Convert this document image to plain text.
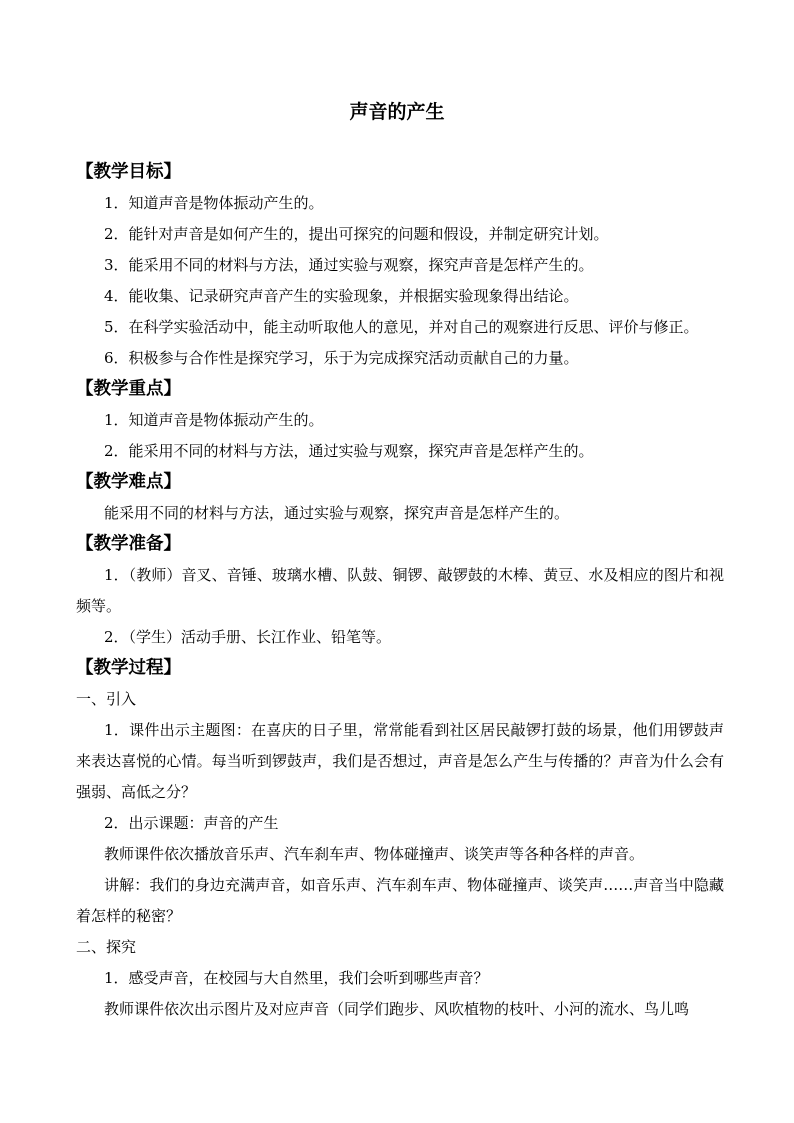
声音的产生
【教学目标】

1．知道声音是物体振动产生的。

2．能针对声音是如何产生的，提出可探究的问题和假设，并制定研究计划。

3．能采用不同的材料与方法，通过实验与观察，探究声音是怎样产生的。

4．能收集、记录研究声音产生的实验现象，并根据实验现象得出结论。

5．在科学实验活动中，能主动听取他人的意见，并对自己的观察进行反思、评价与修正。

6．积极参与合作性是探究学习，乐于为完成探究活动贡献自己的力量。

【教学重点】

1．知道声音是物体振动产生的。

2．能采用不同的材料与方法，通过实验与观察，探究声音是怎样产生的。

【教学难点】

能采用不同的材料与方法，通过实验与观察，探究声音是怎样产生的。

【教学准备】

1．（教师）音叉、音锤、玻璃水槽、队鼓、铜锣、敲锣鼓的木棒、黄豆、水及相应的图片和视频等。

2．（学生）活动手册、长江作业、铅笔等。

【教学过程】
一、引入

1．课件出示主题图：在喜庆的日子里，常常能看到社区居民敲锣打鼓的场景，他们用锣鼓声来表达喜悦的心情。每当听到锣鼓声，我们是否想过，声音是怎么产生与传播的？声音为什么会有强弱、高低之分？

2．出示课题：声音的产生

教师课件依次播放音乐声、汽车刹车声、物体碰撞声、谈笑声等各种各样的声音。

讲解：我们的身边充满声音，如音乐声、汽车刹车声、物体碰撞声、谈笑声……声音当中隐藏着怎样的秘密？

二、探究

1．感受声音，在校园与大自然里，我们会听到哪些声音？

教师课件依次出示图片及对应声音（同学们跑步、风吹植物的枝叶、小河的流水、鸟儿鸣
